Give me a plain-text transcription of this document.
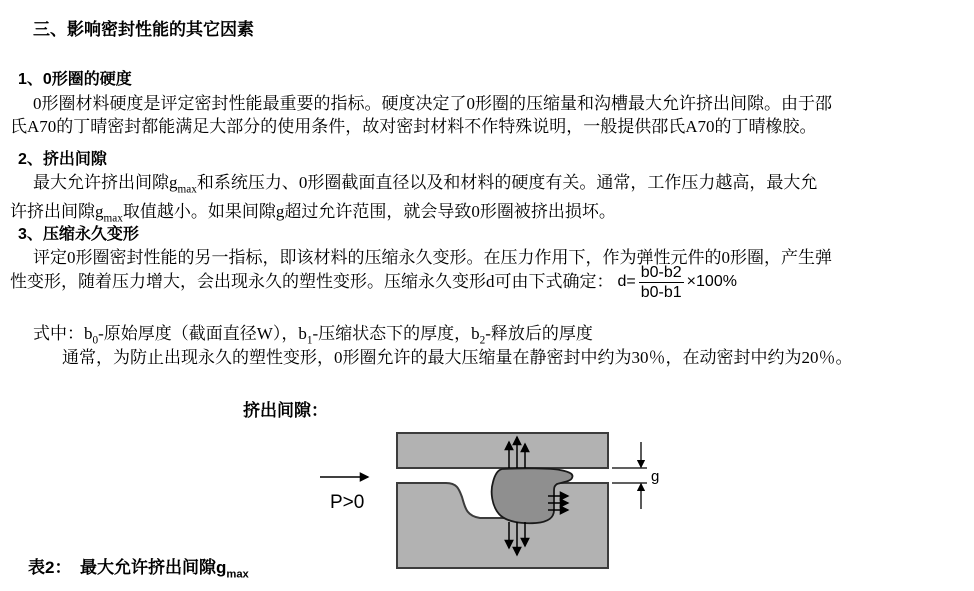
三、影响密封性能的其它因素
1、0形圈的硬度
0形圈材料硬度是评定密封性能最重要的指标。硬度决定了0形圈的压缩量和沟槽最大允许挤出间隙。由于邵
氏A70的丁晴密封都能满足大部分的使用条件，故对密封材料不作特殊说明，一般提供邵氏A70的丁晴橡胶。
2、挤出间隙
最大允许挤出间隙$g_{max}$和系统压力、0形圈截面直径以及和材料的硬度有关。通常，工作压力越高，最大允
许挤出间隙$g_{max}$取值越小。如果间隙g超过允许范围，就会导致0形圈被挤出损坏。
3、压缩永久变形
评定0形圈密封性能的另一指标，即该材料的压缩永久变形。在压力作用下，作为弹性元件的0形圈，产生弹
性变形，随着压力增大，会出现永久的塑性变形。压缩永久变形d可由下式确定： $d= \frac{b0-b2}{b0-b1} \times 100\%$
式中：$b_0-$原始厚度（截面直径W），$b_1-$压缩状态下的厚度，$b_2-$释放后的厚度
通常，为防止出现永久的塑性变形，0形圈允许的最大压缩量在静密封中约为30％，在动密封中约为20％。
挤出间隙：
P>0
g
表2：　最大允许挤出间隙$g_{max}$
